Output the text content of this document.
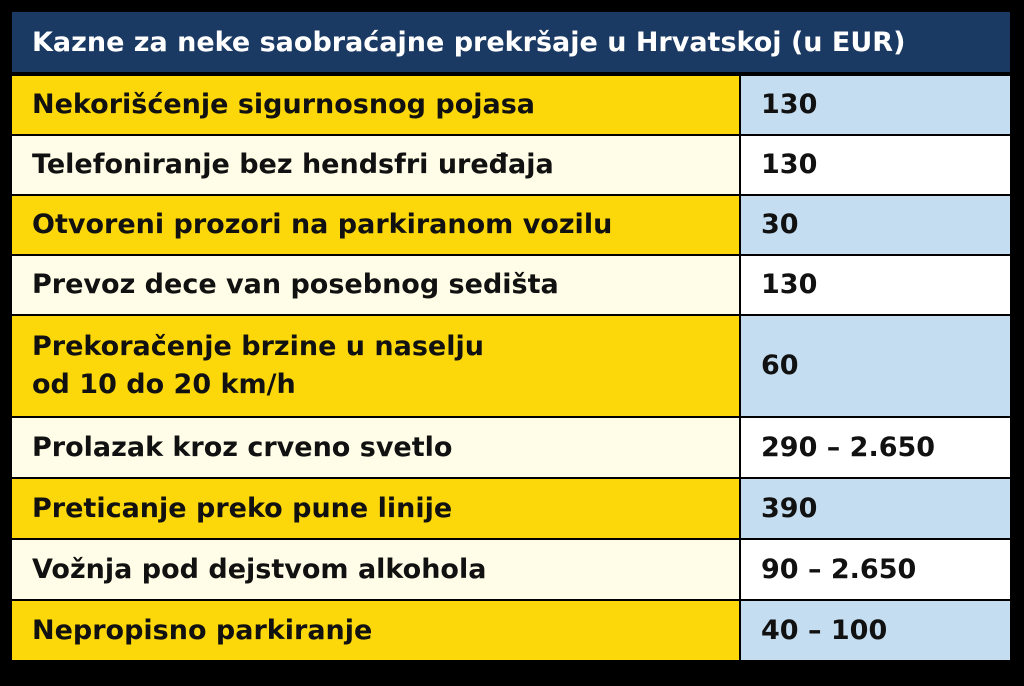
Kazne za neke saobraćajne prekršaje u Hrvatskoj (u EUR)
Nekorišćenje sigurnosnog pojasa	130
Telefoniranje bez hendsfri uređaja	130
Otvoreni prozori na parkiranom vozilu	30
Prevoz dece van posebnog sedišta	130

Prekoračenje brzine u naselju
od 10 do 20 km/h	60
Prolazak kroz crveno svetlo	290 – 2.650
Preticanje preko pune linije	390
Vožnja pod dejstvom alkohola	90 – 2.650
Nepropisno parkiranje	40 – 100
